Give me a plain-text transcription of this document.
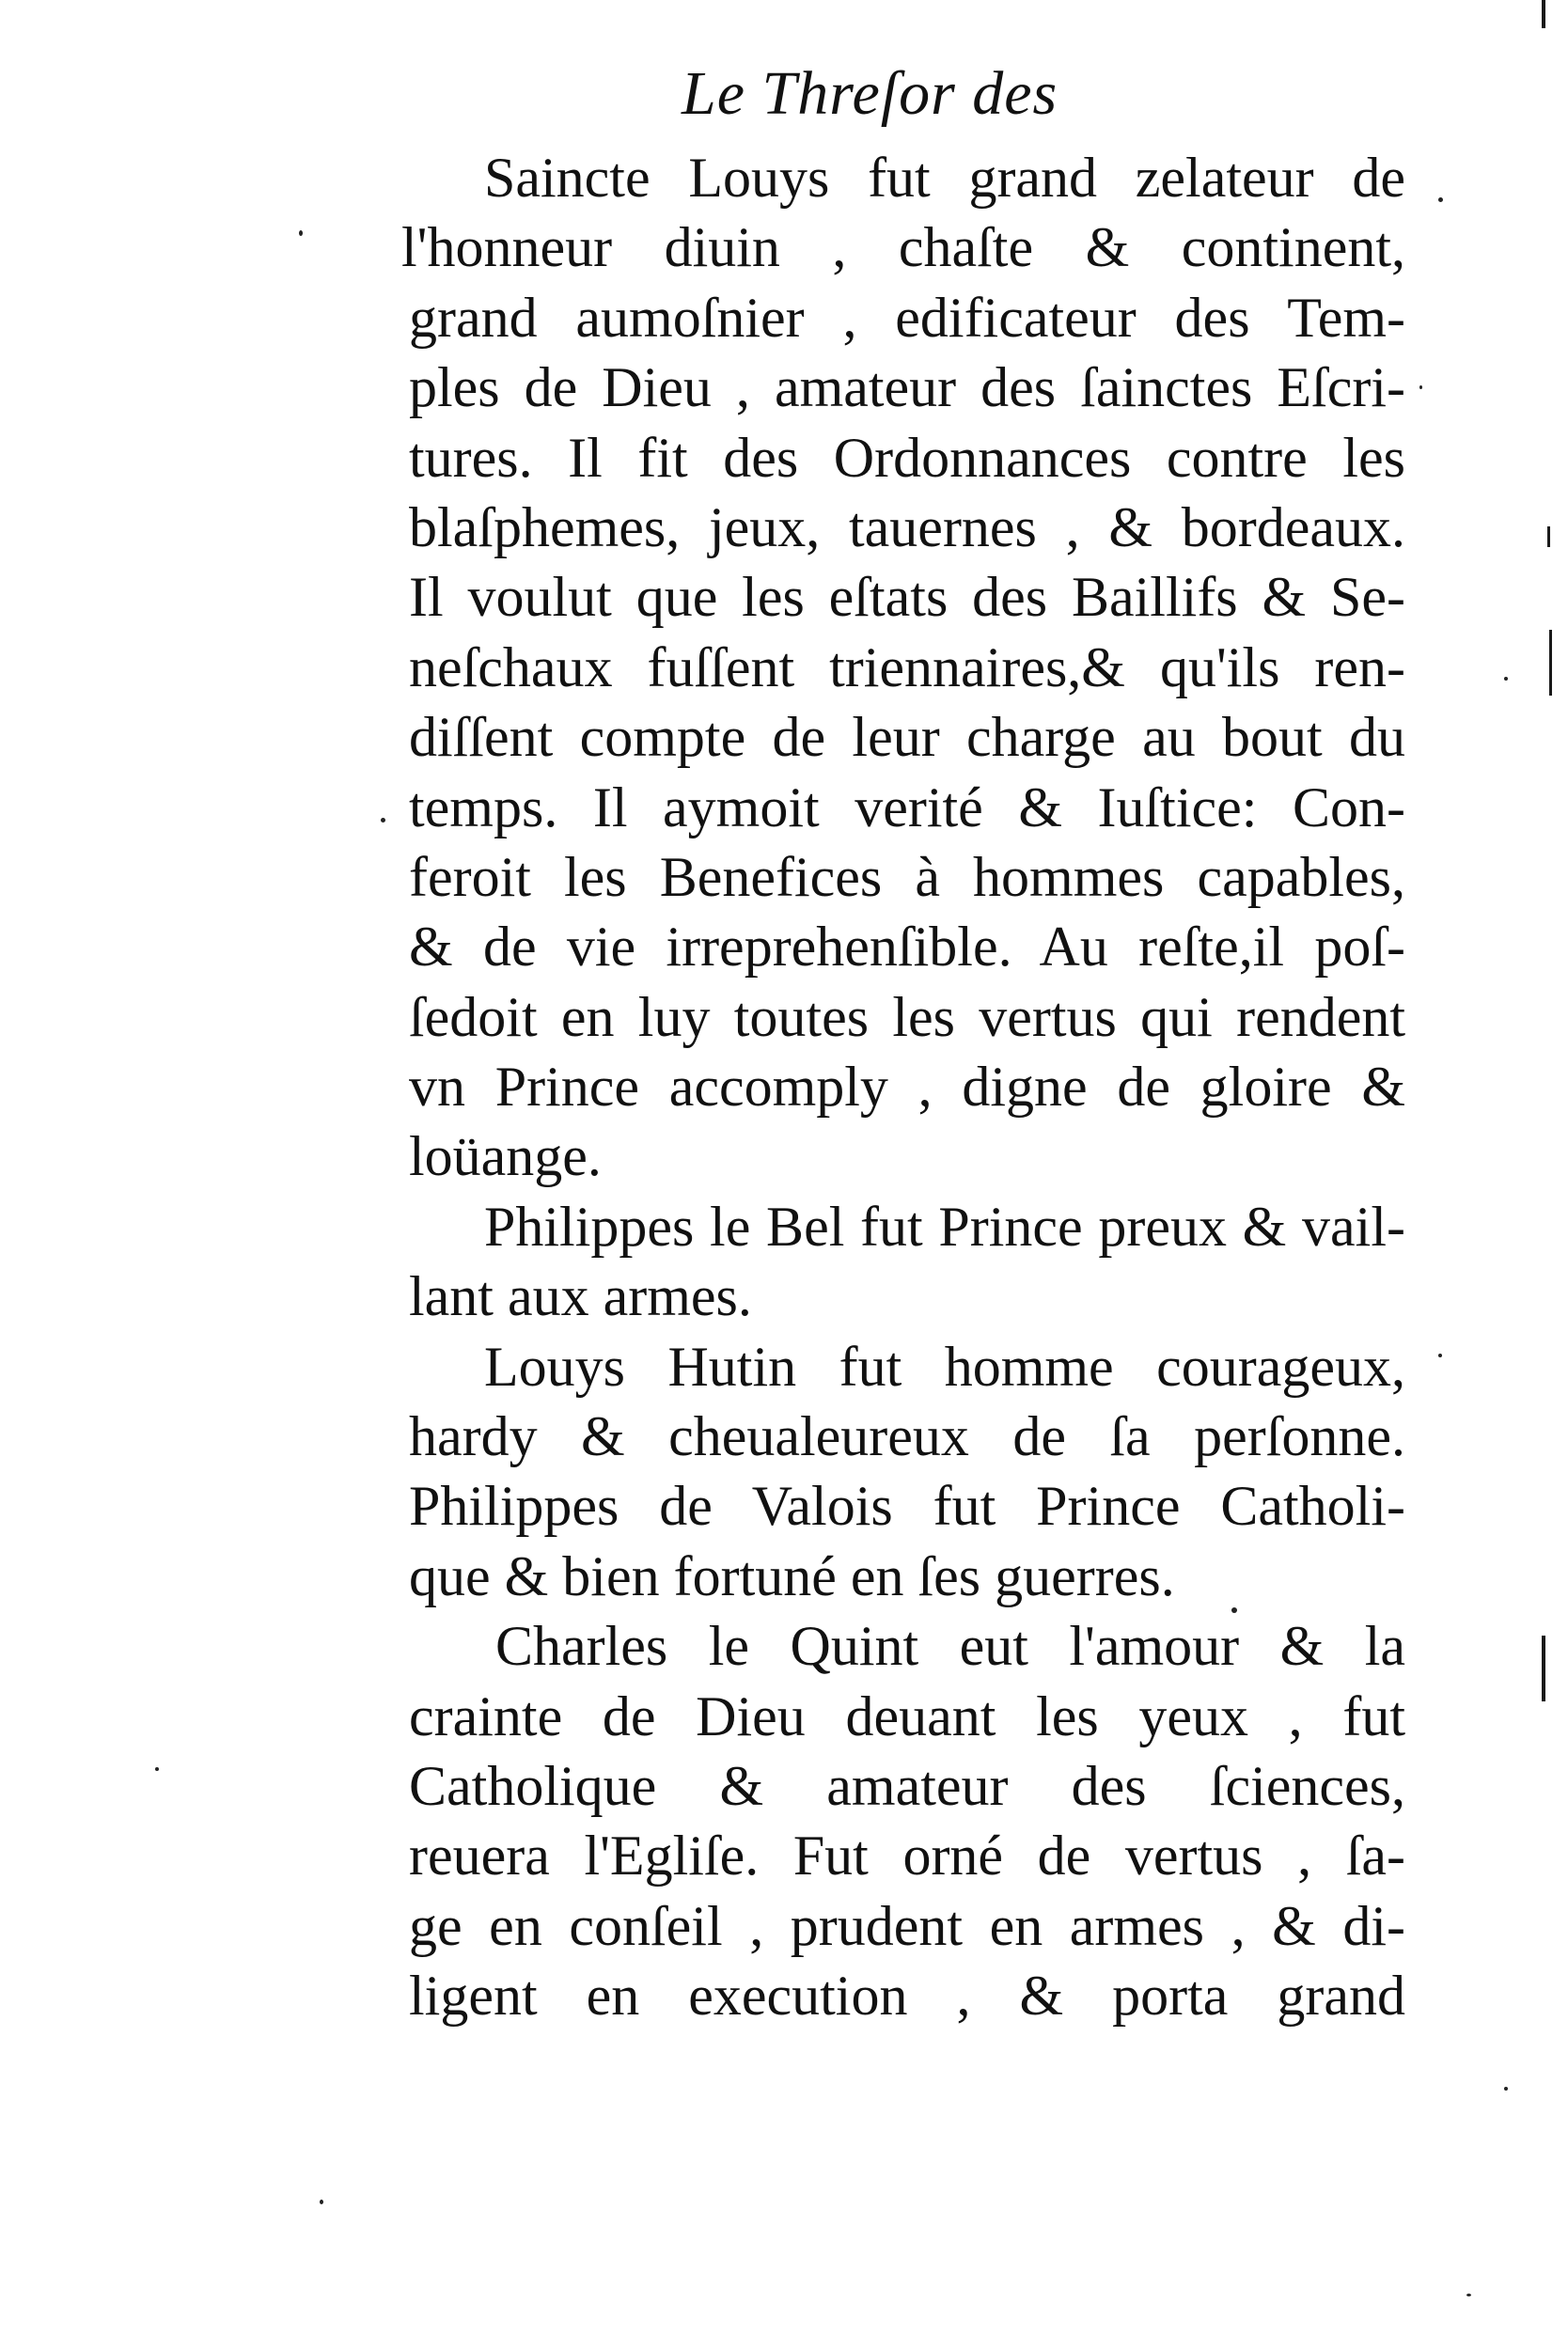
Le Threſor des
Saincte Louys fut grand zelateur de
l'honneur diuin , chaſte & continent,
grand aumoſnier , edificateur des Tem-
ples de Dieu , amateur des ſainctes Eſcri-
tures. Il fit des Ordonnances contre les
blaſphemes, jeux, tauernes , & bordeaux.
Il voulut que les eſtats des Baillifs & Se-
neſchaux fuſſent triennaires,& qu'ils ren-
diſſent compte de leur charge au bout du
temps. Il aymoit verité & Iuſtice: Con-
feroit les Benefices à hommes capables,
& de vie irreprehenſible. Au reſte,il poſ-
ſedoit en luy toutes les vertus qui rendent
vn Prince accomply , digne de gloire &
loüange.
Philippes le Bel fut Prince preux & vail-
lant aux armes.
Louys Hutin fut homme courageux,
hardy & cheualeureux de ſa perſonne.
Philippes de Valois fut Prince Catholi-
que & bien fortuné en ſes guerres.
Charles le Quint eut l'amour & la
crainte de Dieu deuant les yeux , fut
Catholique & amateur des ſciences,
reuera l'Egliſe. Fut orné de vertus , ſa-
ge en conſeil , prudent en armes , & di-
ligent en execution , & porta grand
